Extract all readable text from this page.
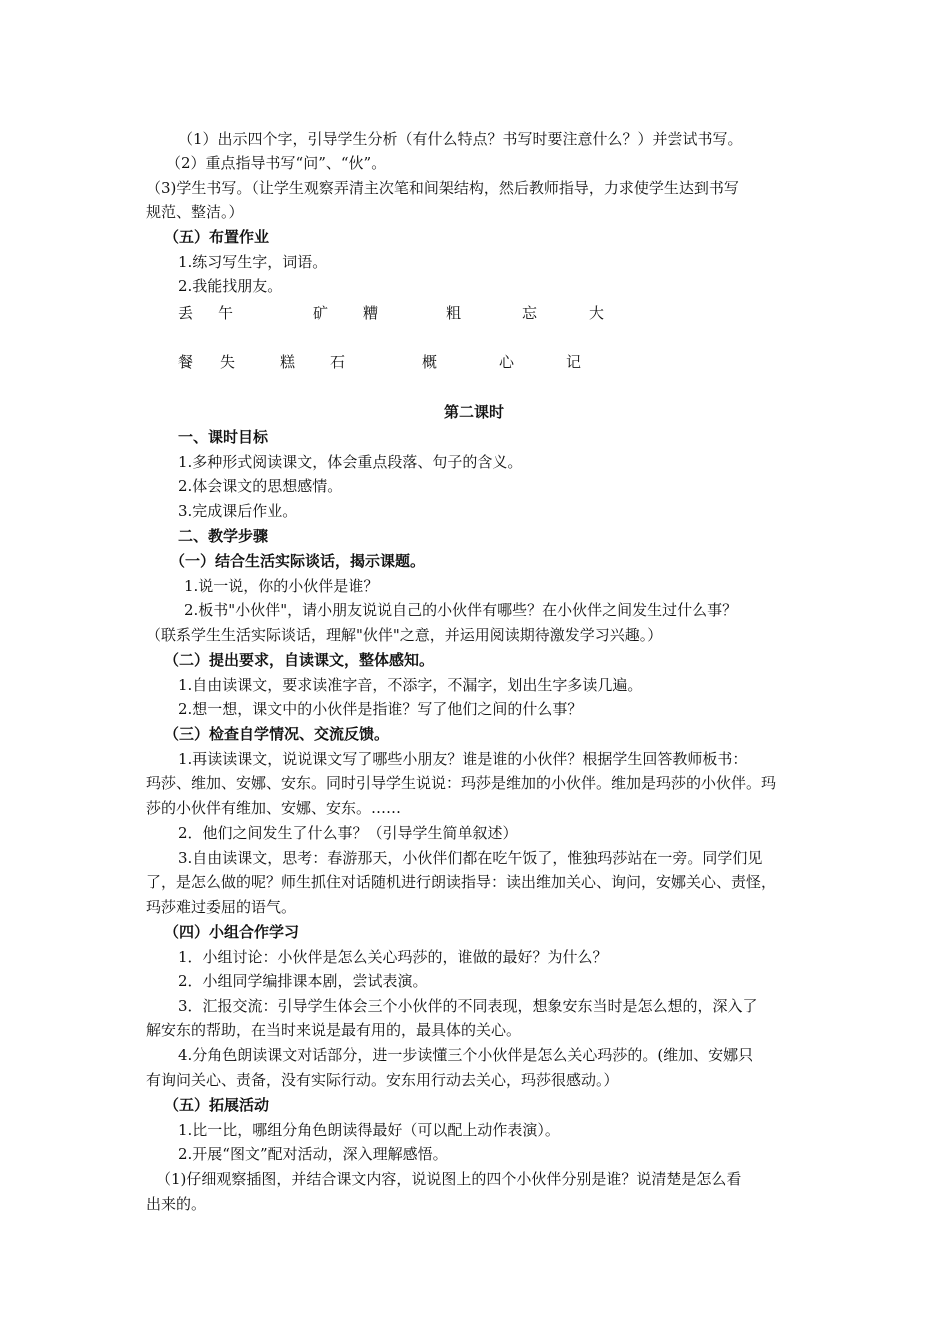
（1）出示四个字，引导学生分析（有什么特点？书写时要注意什么？）并尝试书写。
（2）重点指导书写“问”、“伙”。
（3)学生书写。（让学生观察弄清主次笔和间架结构，然后教师指导，力求使学生达到书写
规范、整洁。）
（五）布置作业
1.练习写生字，词语。
2.我能找朋友。
丢 午	矿 糟	粗	忘	大
餐 失	糕 石	概	心	记
第二课时
一、课时目标
1.多种形式阅读课文，体会重点段落、句子的含义。
2.体会课文的思想感情。
3.完成课后作业。
二、教学步骤
（一）结合生活实际谈话，揭示课题。
1.说一说，你的小伙伴是谁？
2.板书"小伙伴"，请小朋友说说自己的小伙伴有哪些？在小伙伴之间发生过什么事？
（联系学生生活实际谈话，理解"伙伴"之意，并运用阅读期待激发学习兴趣。）
（二）提出要求，自读课文，整体感知。
1.自由读课文，要求读准字音，不添字，不漏字，划出生字多读几遍。
2.想一想，课文中的小伙伴是指谁？写了他们之间的什么事？
（三）检查自学情况、交流反馈。
1.再读读课文，说说课文写了哪些小朋友？谁是谁的小伙伴？根据学生回答教师板书：
玛莎、维加、安娜、安东。同时引导学生说说：玛莎是维加的小伙伴。维加是玛莎的小伙伴。玛
莎的小伙伴有维加、安娜、安东。……
2．他们之间发生了什么事？（引导学生简单叙述）
3.自由读课文，思考：春游那天，小伙伴们都在吃午饭了，惟独玛莎站在一旁。同学们见
了，是怎么做的呢？师生抓住对话随机进行朗读指导：读出维加关心、询问，安娜关心、责怪，
玛莎难过委屈的语气。
（四）小组合作学习
1．小组讨论：小伙伴是怎么关心玛莎的，谁做的最好？为什么？
2．小组同学编排课本剧，尝试表演。
3．汇报交流：引导学生体会三个小伙伴的不同表现，想象安东当时是怎么想的，深入了
解安东的帮助，在当时来说是最有用的，最具体的关心。
4.分角色朗读课文对话部分，进一步读懂三个小伙伴是怎么关心玛莎的。(维加、安娜只
有询问关心、责备，没有实际行动。安东用行动去关心，玛莎很感动。）
（五）拓展活动
1.比一比，哪组分角色朗读得最好（可以配上动作表演）。
2.开展“图文”配对活动，深入理解感悟。
（1)仔细观察插图，并结合课文内容，说说图上的四个小伙伴分别是谁？说清楚是怎么看
出来的。
